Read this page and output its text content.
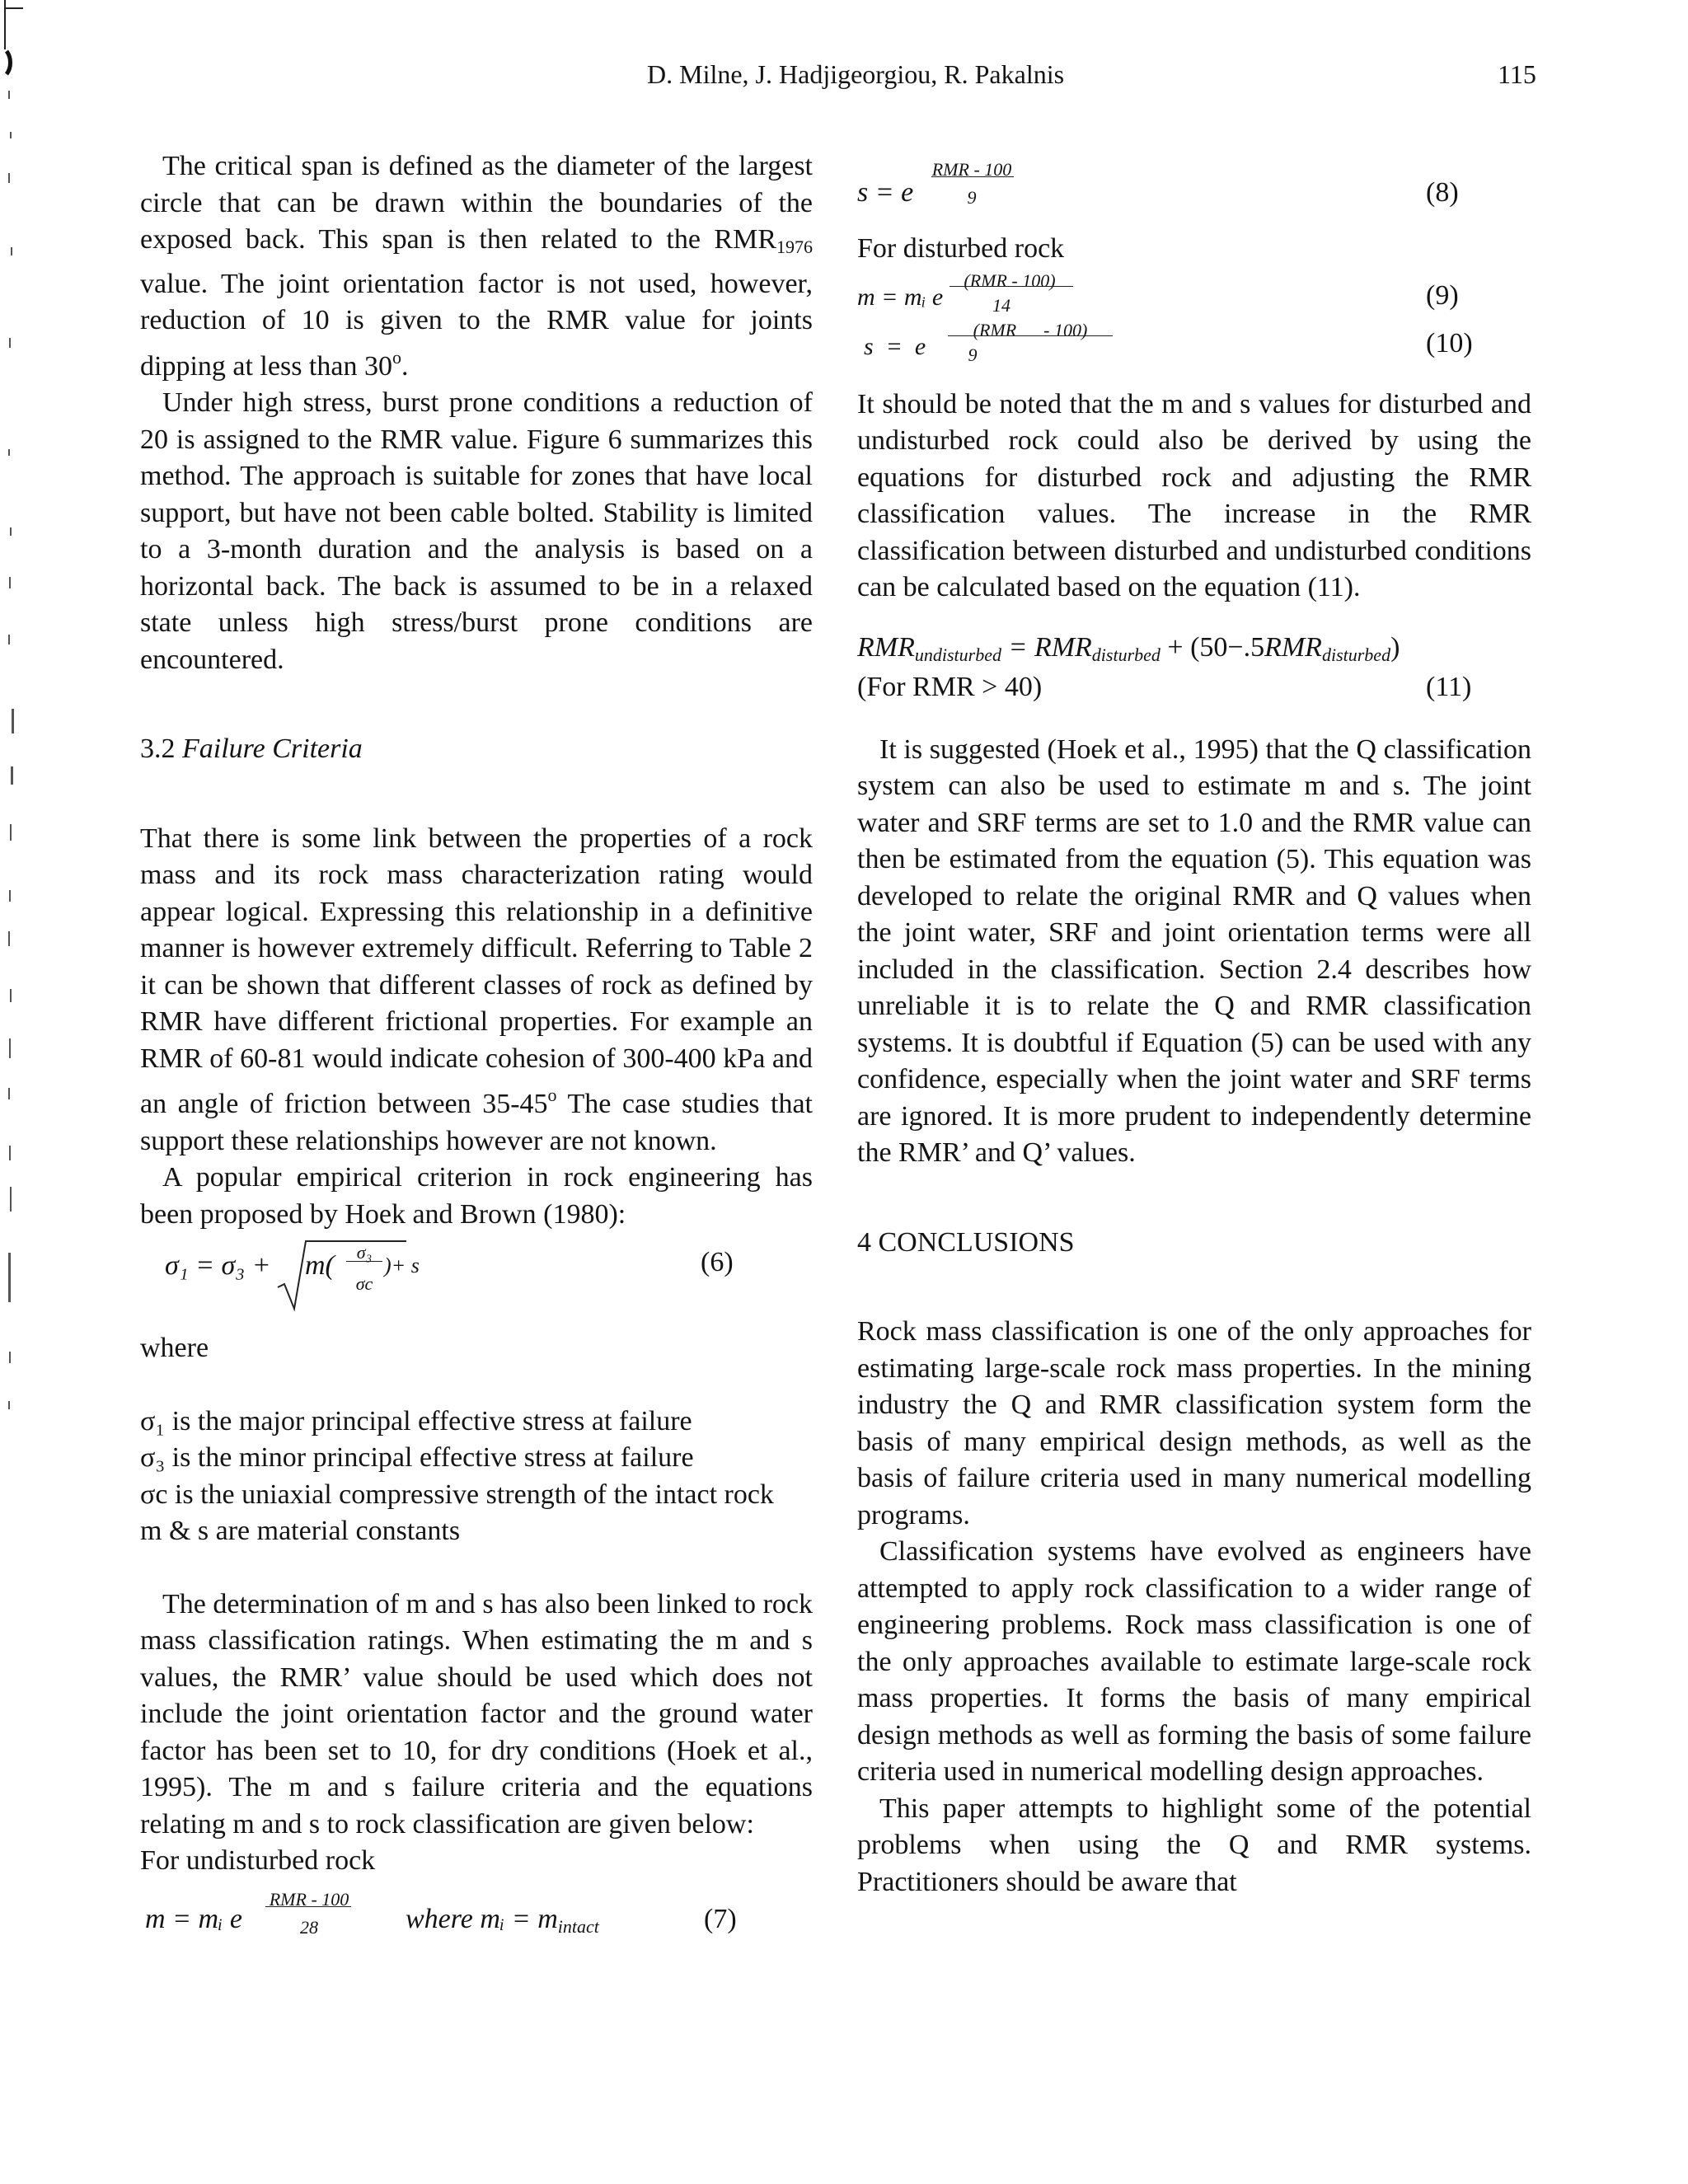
D. Milne, J. Hadjigeorgiou, R. Pakalnis	115

The critical span is defined as the diameter of the largest circle that can be drawn within the boundaries of the exposed back. This span is then related to the $RMR_{1976}$ value. The joint orientation factor is not used, however, reduction of 10 is given to the RMR value for joints dipping at less than 30$^o$.

Under high stress, burst prone conditions a reduction of 20 is assigned to the RMR value. Figure 6 summarizes this method. The approach is suitable for zones that have local support, but have not been cable bolted. Stability is limited to a 3-month duration and the analysis is based on a horizontal back. The back is assumed to be in a relaxed state unless high stress/burst prone conditions are encountered.

3.2 Failure Criteria

That there is some link between the properties of a rock mass and its rock mass characterization rating would appear logical. Expressing this relationship in a definitive manner is however extremely difficult. Referring to Table 2 it can be shown that different classes of rock as defined by RMR have different frictional properties. For example an RMR of 60-81 would indicate cohesion of 300-400 kPa and an angle of friction between 35-45$^o$ The case studies that support these relationships however are not known.

A popular empirical criterion in rock engineering has been proposed by Hoek and Brown (1980):

σ₁ = σ₃ + m(	σ₃
σc
)+ s	(6)

where

σ₁ is the major principal effective stress at failure

σ₃ is the minor principal effective stress at failure

σc is the uniaxial compressive strength of the intact rock

m & s are material constants

The determination of m and s has also been linked to rock mass classification ratings. When estimating the m and s values, the RMR’ value should be used which does not include the joint orientation factor and the ground water factor has been set to 10, for dry conditions (Hoek et al., 1995). The m and s failure criteria and the equations relating m and s to rock classification are given below:

For undisturbed rock

m = mᵢ e
RMR - 100
28	where mᵢ = $m_{intact}$	(7)
s = e
RMR - 100
9	(8)

For disturbed rock

m = mᵢ e
(RMR - 100)
14	(9)
s  =  e
(RMR      - 100)
9	(10)

It should be noted that the m and s values for disturbed and undisturbed rock could also be derived by using the equations for disturbed rock and adjusting the RMR classification values. The increase in the RMR classification between disturbed and undisturbed conditions can be calculated based on the equation (11).

$RMR_{undisturbed} = RMR_{disturbed} + (50-.5RMR_{disturbed})$
(For RMR > 40)	(11)

It is suggested (Hoek et al., 1995) that the Q classification system can also be used to estimate m and s. The joint water and SRF terms are set to 1.0 and the RMR value can then be estimated from the equation (5). This equation was developed to relate the original RMR and Q values when the joint water, SRF and joint orientation terms were all included in the classification. Section 2.4 describes how unreliable it is to relate the Q and RMR classification systems. It is doubtful if Equation (5) can be used with any confidence, especially when the joint water and SRF terms are ignored. It is more prudent to independently determine the RMR’ and Q’ values.

4 CONCLUSIONS

Rock mass classification is one of the only approaches for estimating large-scale rock mass properties. In the mining industry the Q and RMR classification system form the basis of many empirical design methods, as well as the basis of failure criteria used in many numerical modelling programs.

Classification systems have evolved as engineers have attempted to apply rock classification to a wider range of engineering problems. Rock mass classification is one of the only approaches available to estimate large-scale rock mass properties. It forms the basis of many empirical design methods as well as forming the basis of some failure criteria used in numerical modelling design approaches.

This paper attempts to highlight some of the potential problems when using the Q and RMR systems. Practitioners should be aware that
